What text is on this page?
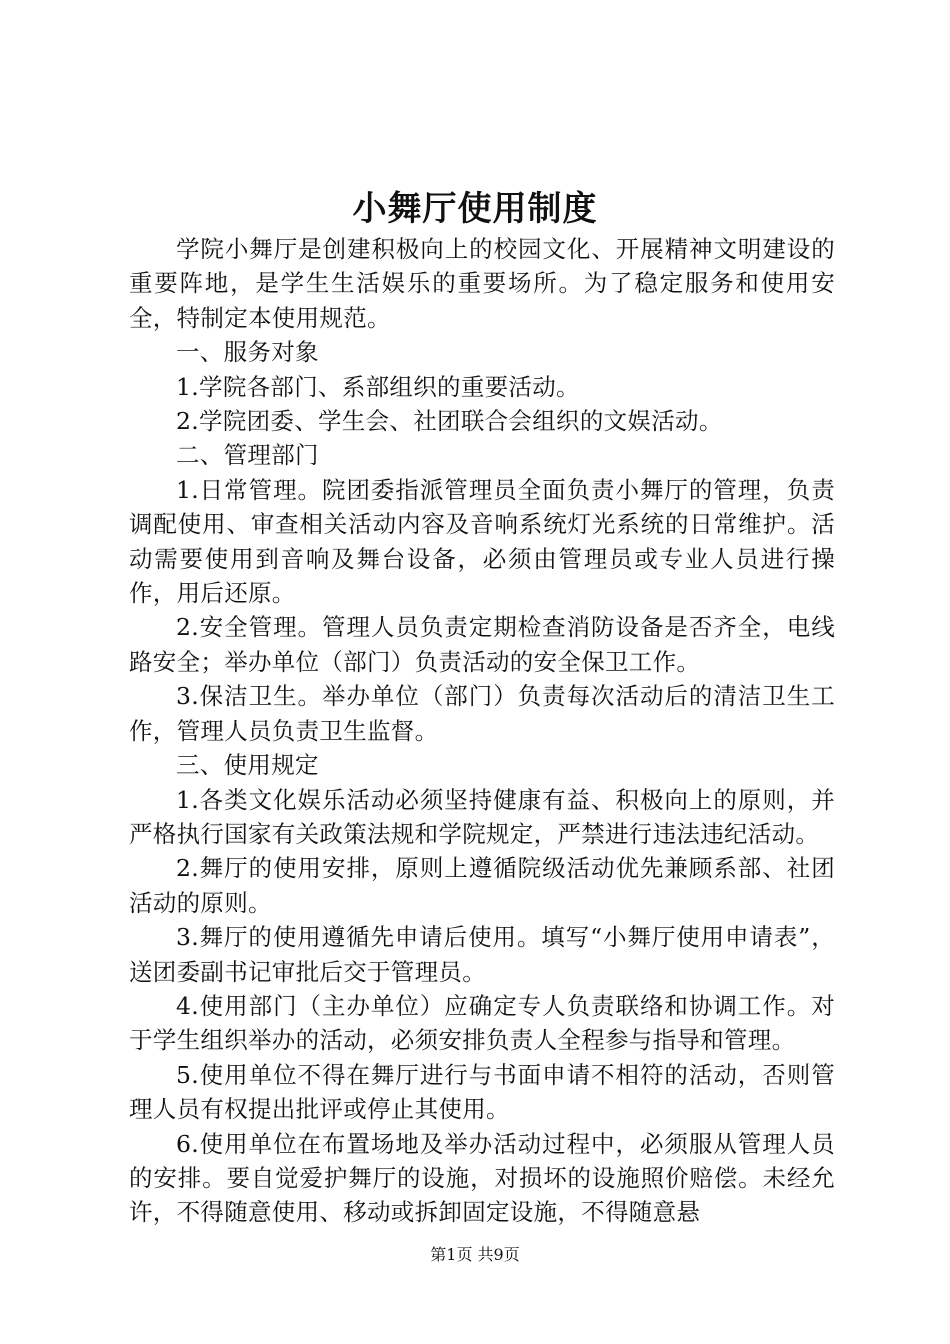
小舞厅使用制度

学院小舞厅是创建积极向上的校园文化、开展精神文明建设的重要阵地，是学生生活娱乐的重要场所。为了稳定服务和使用安全，特制定本使用规范。

一、服务对象

1.学院各部门、系部组织的重要活动。

2.学院团委、学生会、社团联合会组织的文娱活动。

二、管理部门

1.日常管理。院团委指派管理员全面负责小舞厅的管理，负责调配使用、审查相关活动内容及音响系统灯光系统的日常维护。活动需要使用到音响及舞台设备，必须由管理员或专业人员进行操作，用后还原。

2.安全管理。管理人员负责定期检查消防设备是否齐全，电线路安全；举办单位（部门）负责活动的安全保卫工作。

3.保洁卫生。举办单位（部门）负责每次活动后的清洁卫生工作，管理人员负责卫生监督。

三、使用规定

1.各类文化娱乐活动必须坚持健康有益、积极向上的原则，并严格执行国家有关政策法规和学院规定，严禁进行违法违纪活动。

2.舞厅的使用安排，原则上遵循院级活动优先兼顾系部、社团活动的原则。

3.舞厅的使用遵循先申请后使用。填写“小舞厅使用申请表”，送团委副书记审批后交于管理员。

4.使用部门（主办单位）应确定专人负责联络和协调工作。对于学生组织举办的活动，必须安排负责人全程参与指导和管理。

5.使用单位不得在舞厅进行与书面申请不相符的活动，否则管理人员有权提出批评或停止其使用。

6.使用单位在布置场地及举办活动过程中，必须服从管理人员的安排。要自觉爱护舞厅的设施，对损坏的设施照价赔偿。未经允许，不得随意使用、移动或拆卸固定设施，不得随意悬

第1页 共9页
